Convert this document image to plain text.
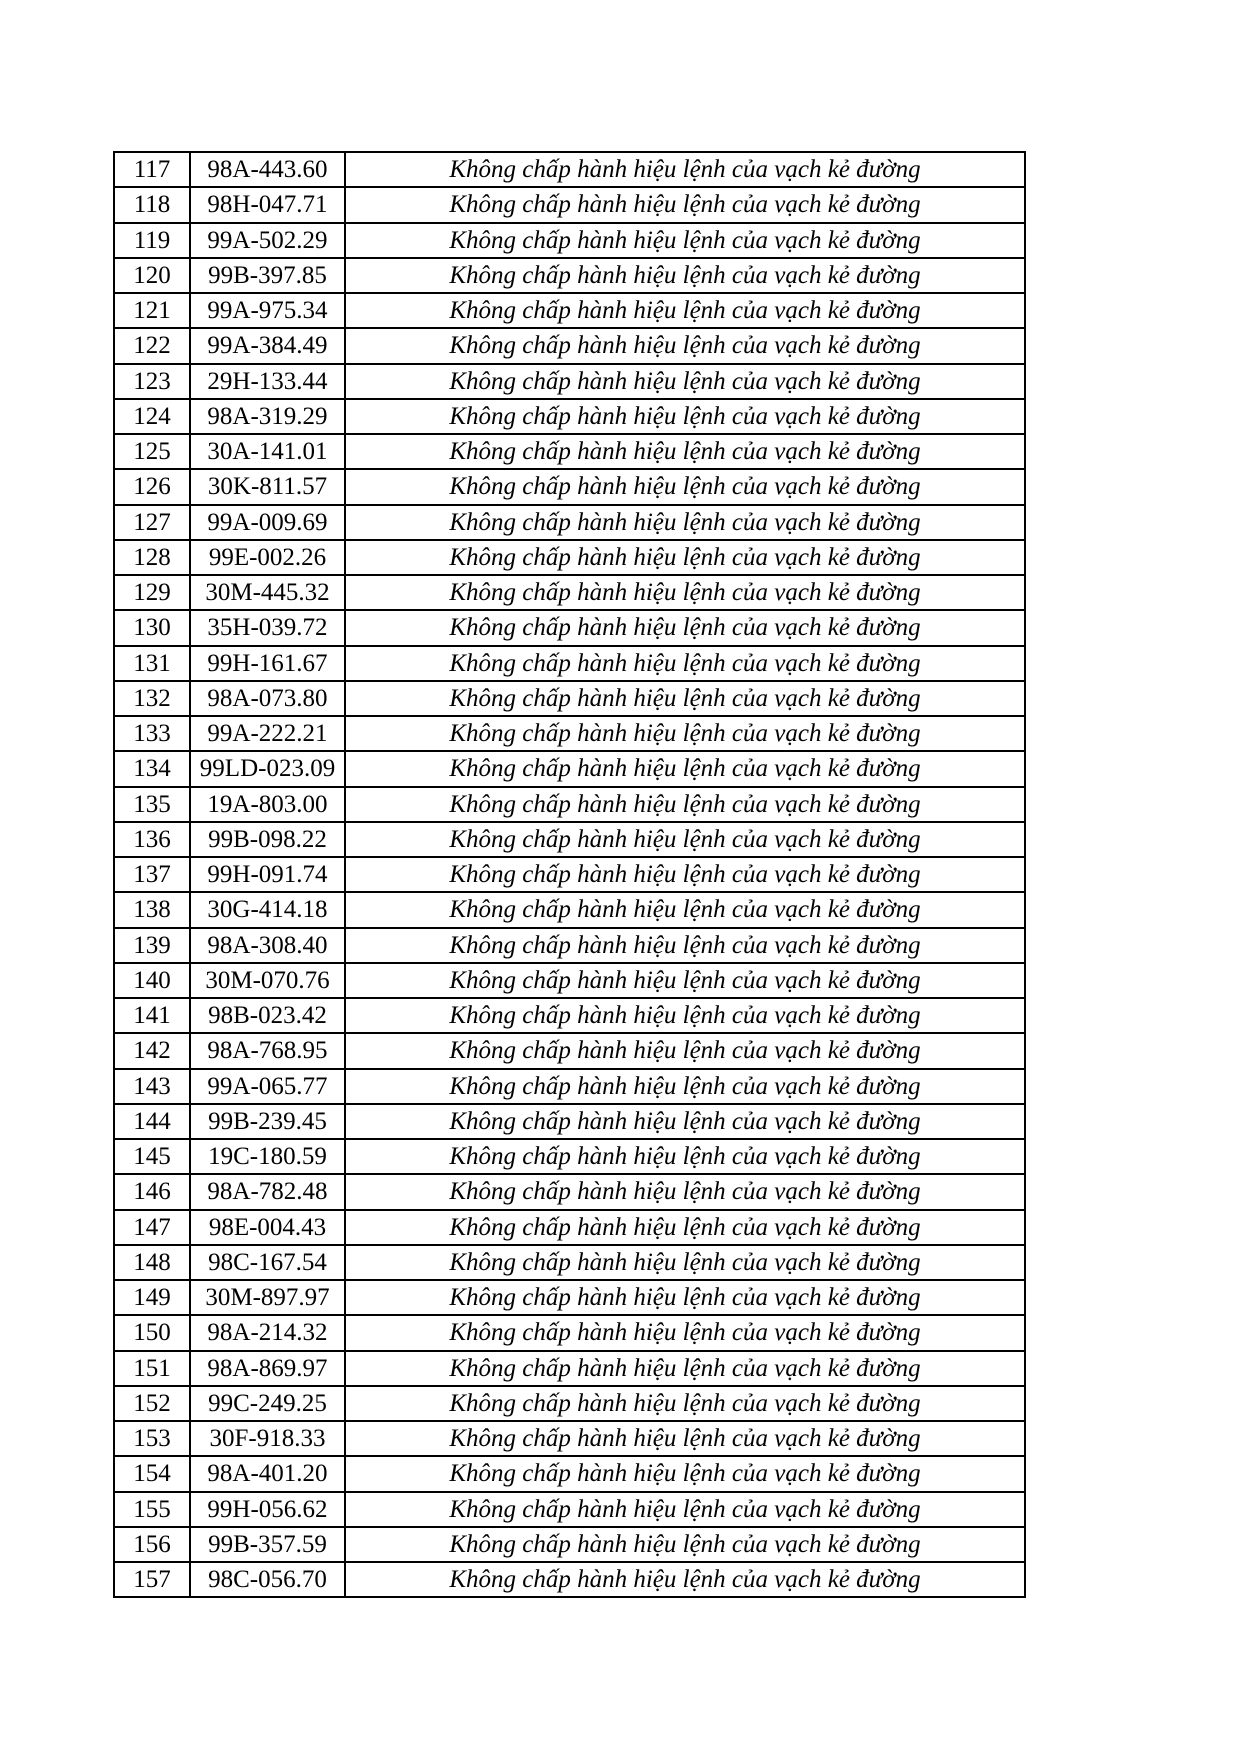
117	98A-443.60	Không chấp hành hiệu lệnh của vạch kẻ đường
118	98H-047.71	Không chấp hành hiệu lệnh của vạch kẻ đường
119	99A-502.29	Không chấp hành hiệu lệnh của vạch kẻ đường
120	99B-397.85	Không chấp hành hiệu lệnh của vạch kẻ đường
121	99A-975.34	Không chấp hành hiệu lệnh của vạch kẻ đường
122	99A-384.49	Không chấp hành hiệu lệnh của vạch kẻ đường
123	29H-133.44	Không chấp hành hiệu lệnh của vạch kẻ đường
124	98A-319.29	Không chấp hành hiệu lệnh của vạch kẻ đường
125	30A-141.01	Không chấp hành hiệu lệnh của vạch kẻ đường
126	30K-811.57	Không chấp hành hiệu lệnh của vạch kẻ đường
127	99A-009.69	Không chấp hành hiệu lệnh của vạch kẻ đường
128	99E-002.26	Không chấp hành hiệu lệnh của vạch kẻ đường
129	30M-445.32	Không chấp hành hiệu lệnh của vạch kẻ đường
130	35H-039.72	Không chấp hành hiệu lệnh của vạch kẻ đường
131	99H-161.67	Không chấp hành hiệu lệnh của vạch kẻ đường
132	98A-073.80	Không chấp hành hiệu lệnh của vạch kẻ đường
133	99A-222.21	Không chấp hành hiệu lệnh của vạch kẻ đường
134	99LD-023.09	Không chấp hành hiệu lệnh của vạch kẻ đường
135	19A-803.00	Không chấp hành hiệu lệnh của vạch kẻ đường
136	99B-098.22	Không chấp hành hiệu lệnh của vạch kẻ đường
137	99H-091.74	Không chấp hành hiệu lệnh của vạch kẻ đường
138	30G-414.18	Không chấp hành hiệu lệnh của vạch kẻ đường
139	98A-308.40	Không chấp hành hiệu lệnh của vạch kẻ đường
140	30M-070.76	Không chấp hành hiệu lệnh của vạch kẻ đường
141	98B-023.42	Không chấp hành hiệu lệnh của vạch kẻ đường
142	98A-768.95	Không chấp hành hiệu lệnh của vạch kẻ đường
143	99A-065.77	Không chấp hành hiệu lệnh của vạch kẻ đường
144	99B-239.45	Không chấp hành hiệu lệnh của vạch kẻ đường
145	19C-180.59	Không chấp hành hiệu lệnh của vạch kẻ đường
146	98A-782.48	Không chấp hành hiệu lệnh của vạch kẻ đường
147	98E-004.43	Không chấp hành hiệu lệnh của vạch kẻ đường
148	98C-167.54	Không chấp hành hiệu lệnh của vạch kẻ đường
149	30M-897.97	Không chấp hành hiệu lệnh của vạch kẻ đường
150	98A-214.32	Không chấp hành hiệu lệnh của vạch kẻ đường
151	98A-869.97	Không chấp hành hiệu lệnh của vạch kẻ đường
152	99C-249.25	Không chấp hành hiệu lệnh của vạch kẻ đường
153	30F-918.33	Không chấp hành hiệu lệnh của vạch kẻ đường
154	98A-401.20	Không chấp hành hiệu lệnh của vạch kẻ đường
155	99H-056.62	Không chấp hành hiệu lệnh của vạch kẻ đường
156	99B-357.59	Không chấp hành hiệu lệnh của vạch kẻ đường
157	98C-056.70	Không chấp hành hiệu lệnh của vạch kẻ đường
